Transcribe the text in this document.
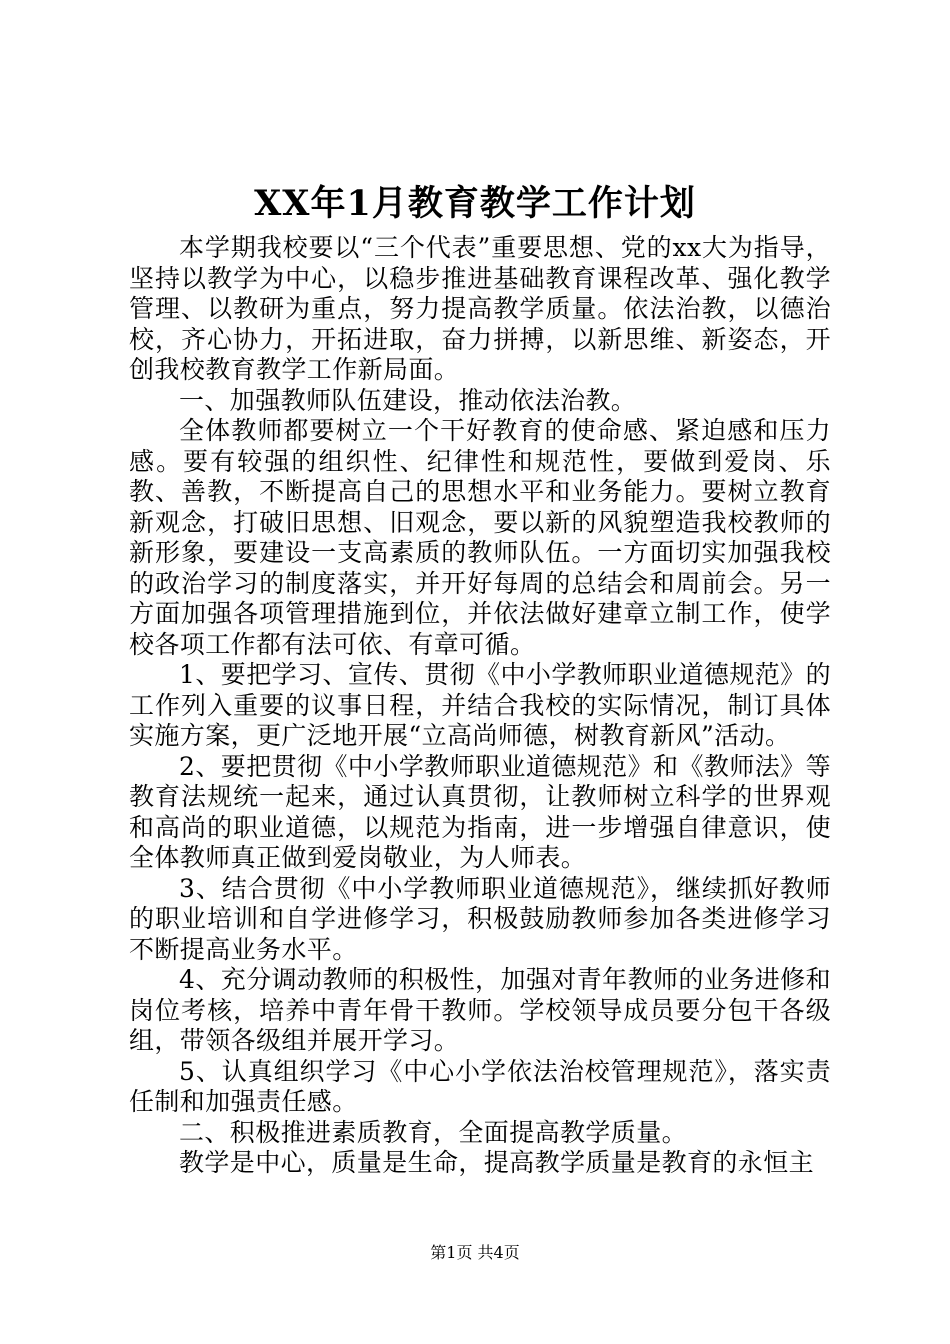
XX年1月教育教学工作计划

本学期我校要以“三个代表”重要思想、党的xx大为指导，坚持以教学为中心，以稳步推进基础教育课程改革、强化教学管理、以教研为重点，努力提高教学质量。依法治教，以德治校，齐心协力，开拓进取，奋力拼搏，以新思维、新姿态，开创我校教育教学工作新局面。

一、加强教师队伍建设，推动依法治教。

全体教师都要树立一个干好教育的使命感、紧迫感和压力感。要有较强的组织性、纪律性和规范性，要做到爱岗、乐教、善教，不断提高自己的思想水平和业务能力。要树立教育新观念，打破旧思想、旧观念，要以新的风貌塑造我校教师的新形象，要建设一支高素质的教师队伍。一方面切实加强我校的政治学习的制度落实，并开好每周的总结会和周前会。另一方面加强各项管理措施到位，并依法做好建章立制工作，使学校各项工作都有法可依、有章可循。

1、要把学习、宣传、贯彻《中小学教师职业道德规范》的工作列入重要的议事日程，并结合我校的实际情况，制订具体实施方案，更广泛地开展“立高尚师德，树教育新风”活动。

2、要把贯彻《中小学教师职业道德规范》和《教师法》等教育法规统一起来，通过认真贯彻，让教师树立科学的世界观和高尚的职业道德，以规范为指南，进一步增强自律意识，使全体教师真正做到爱岗敬业，为人师表。

3、结合贯彻《中小学教师职业道德规范》，继续抓好教师的职业培训和自学进修学习，积极鼓励教师参加各类进修学习不断提高业务水平。

4、充分调动教师的积极性，加强对青年教师的业务进修和岗位考核，培养中青年骨干教师。学校领导成员要分包干各级组，带领各级组并展开学习。

5、认真组织学习《中心小学依法治校管理规范》，落实责任制和加强责任感。

二、积极推进素质教育，全面提高教学质量。

教学是中心，质量是生命，提高教学质量是教育的永恒主

第1页 共4页
